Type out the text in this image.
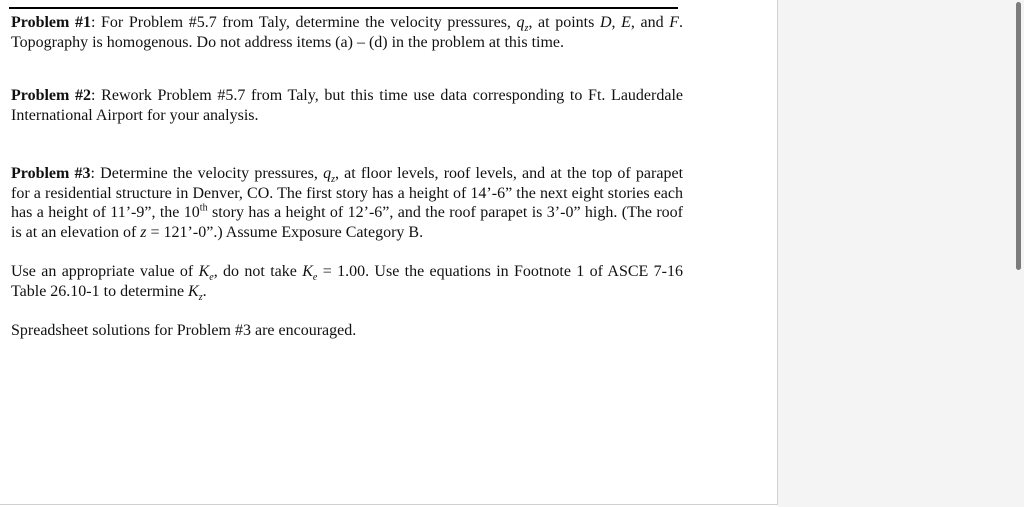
Problem #1: For Problem #5.7 from Taly, determine the velocity pressures, $q_z$, at points D, E, and F. Topography is homogenous. Do not address items (a) – (d) in the problem at this time.

Problem #2: Rework Problem #5.7 from Taly, but this time use data corresponding to Ft. Lauderdale International Airport for your analysis.

Problem #3: Determine the velocity pressures, $q_z$, at floor levels, roof levels, and at the top of parapet for a residential structure in Denver, CO. The first story has a height of 14’-6” the next eight stories each has a height of 11’-9”, the 10th story has a height of 12’-6”, and the roof parapet is 3’-0” high. (The roof is at an elevation of z = 121’-0”.) Assume Exposure Category B.

Use an appropriate value of $K_e$, do not take $K_e = 1.00$. Use the equations in Footnote 1 of ASCE 7-16 Table 26.10-1 to determine $K_z$.

Spreadsheet solutions for Problem #3 are encouraged.
